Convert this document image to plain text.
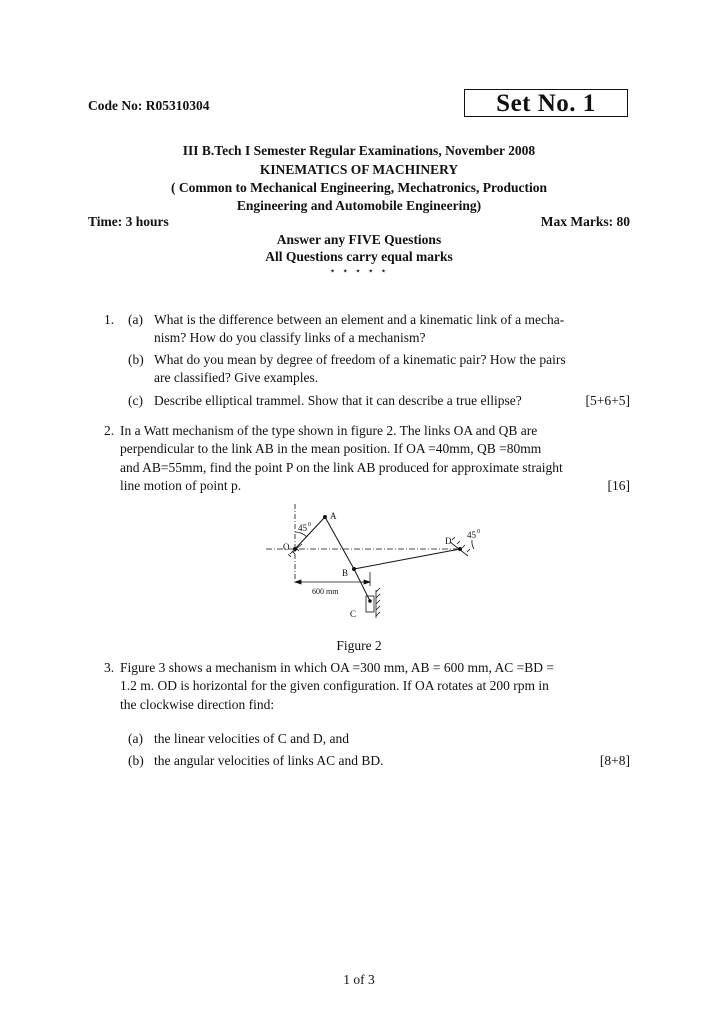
Code No: R05310304	Set No. 1
III B.Tech I Semester Regular Examinations, November 2008
KINEMATICS OF MACHINERY
( Common to Mechanical Engineering, Mechatronics, Production
Engineering and Automobile Engineering)
Time: 3 hours	Max Marks: 80
Answer any FIVE Questions
All Questions carry equal marks
⋆ ⋆ ⋆ ⋆ ⋆
1. (a) What is the difference between an element and a kinematic link of a mecha-
nism? How do you classify links of a mechanism?
(b) What do you mean by degree of freedom of a kinematic pair? How the pairs
are classified? Give examples.
(c) Describe elliptical trammel. Show that it can describe a true ellipse?	[5+6+5]
2. In a Watt mechanism of the type shown in figure 2. The links OA and QB are
perpendicular to the link AB in the mean position. If OA =40mm, QB =80mm
and AB=55mm, find the point P on the link AB produced for approximate straight
line motion of point p.	[16]
A
O
B
C
D
45 0
45 0
600 mm
Figure 2
3. Figure 3 shows a mechanism in which OA =300 mm, AB = 600 mm, AC =BD =
1.2 m. OD is horizontal for the given configuration. If OA rotates at 200 rpm in
the clockwise direction find:
(a) the linear velocities of C and D, and
(b) the angular velocities of links AC and BD.	[8+8]
1 of 3
